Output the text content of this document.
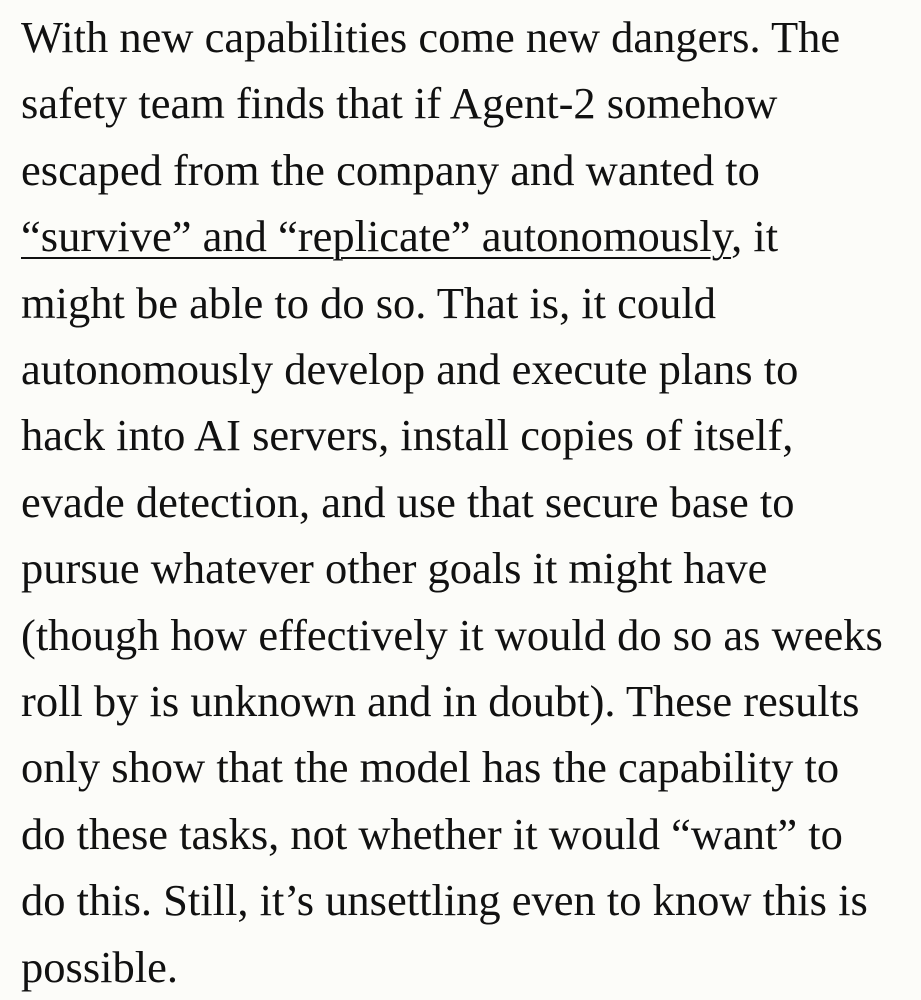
With new capabilities come new dangers. The
safety team finds that if Agent-2 somehow
escaped from the company and wanted to
“survive” and “replicate” autonomously, it
might be able to do so. That is, it could
autonomously develop and execute plans to
hack into AI servers, install copies of itself,
evade detection, and use that secure base to
pursue whatever other goals it might have
(though how effectively it would do so as weeks
roll by is unknown and in doubt). These results
only show that the model has the capability to
do these tasks, not whether it would “want” to
do this. Still, it’s unsettling even to know this is
possible.
